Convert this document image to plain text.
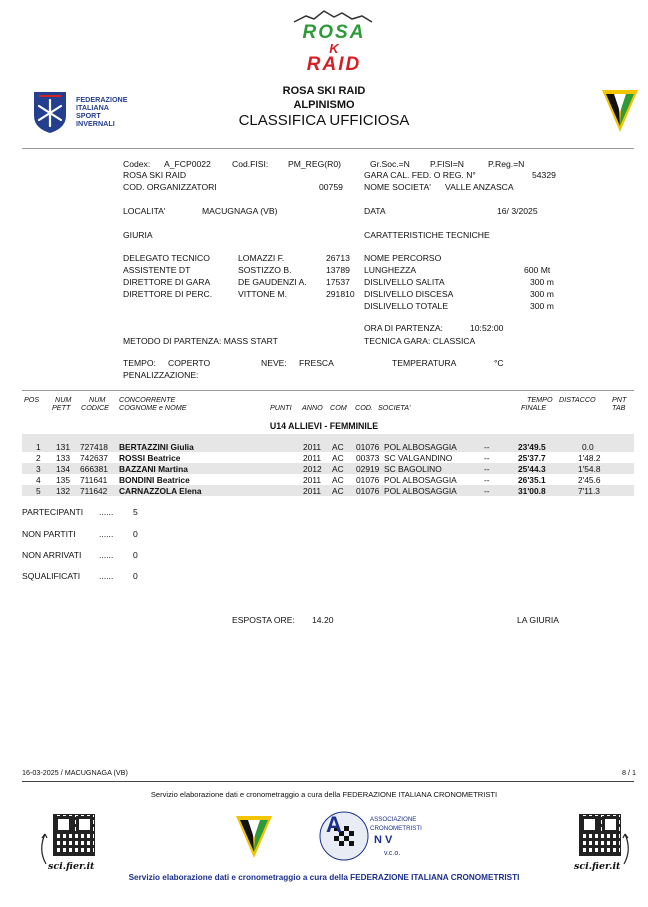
ROSA
K
RAID
FEDERAZIONE
ITALIANA
SPORT
INVERNALI
ROSA SKI RAID
ALPINISMO
CLASSIFICA UFFICIOSA
Codex: A_FCP0022 Cod.FISI: PM_REG(R0)	Gr.Soc.=N P.FISI=N	P.Reg.=N
ROSA SKI RAID	GARA CAL. FED. O REG. N°	54329
COD. ORGANIZZATORI	00759 NOME SOCIETA' VALLE ANZASCA
LOCALITA'	MACUGNAGA (VB)	DATA	16/ 3/2025
GIURIA	CARATTERISTICHE TECNICHE
DELEGATO TECNICO	LOMAZZI F.	26713
ASSISTENTE DT	SOSTIZZO B.	13789
DIRETTORE DI GARA	DE GAUDENZI A. 17537
DIRETTORE DI PERC.	VITTONE M.	291810
NOME PERCORSO
LUNGHEZZA	600 Mt
DISLIVELLO SALITA	300 m
DISLIVELLO DISCESA	300 m
DISLIVELLO TOTALE	300 m
ORA DI PARTENZA:	10:52:00
METODO DI PARTENZA: MASS START	TECNICA GARA: CLASSICA
TEMPO: COPERTO	NEVE: FRESCA	TEMPERATURA	°C
PENALIZZAZIONE:
POS NUM
PETT
NUM
CODICE
CONCORRENTE
COGNOME e NOME	PUNTI ANNO COM COD. SOCIETA'
TEMPO
FINALE
DISTACCO PNT
TAB
U14 ALLIEVI - FEMMINILE
1 131 727418 BERTAZZINI Giulia	2011 AC 01076 POL ALBOSAGGIA	--	23'49.5	0.0
2 133 742637 ROSSI Beatrice	2011 AC 00373 SC VALGANDINO	--	25'37.7	1'48.2
3 134 666381 BAZZANI Martina	2012 AC 02919 SC BAGOLINO	--	25'44.3	1'54.8
4 135 711641 BONDINI Beatrice	2011 AC 01076 POL ALBOSAGGIA	--	26'35.1	2'45.6
5 132 711642 CARNAZZOLA Elena	2011 AC 01076 POL ALBOSAGGIA	--	31'00.8	7'11.3
PARTECIPANTI ...... 5
NON PARTITI	...... 0
NON ARRIVATI ...... 0
SQUALIFICATI ...... 0
ESPOSTA ORE: 14.20	LA GIURIA
16-03-2025 / MACUGNAGA (VB)	8 / 1
Servizio elaborazione dati e cronometraggio a cura della FEDERAZIONE ITALIANA CRONOMETRISTI
sci.fier.it
A	ASSOCIAZIONE
CRONOMETRISTI
N V
v.c.o.
sci.fier.it
Servizio elaborazione dati e cronometraggio a cura della FEDERAZIONE ITALIANA CRONOMETRISTI
